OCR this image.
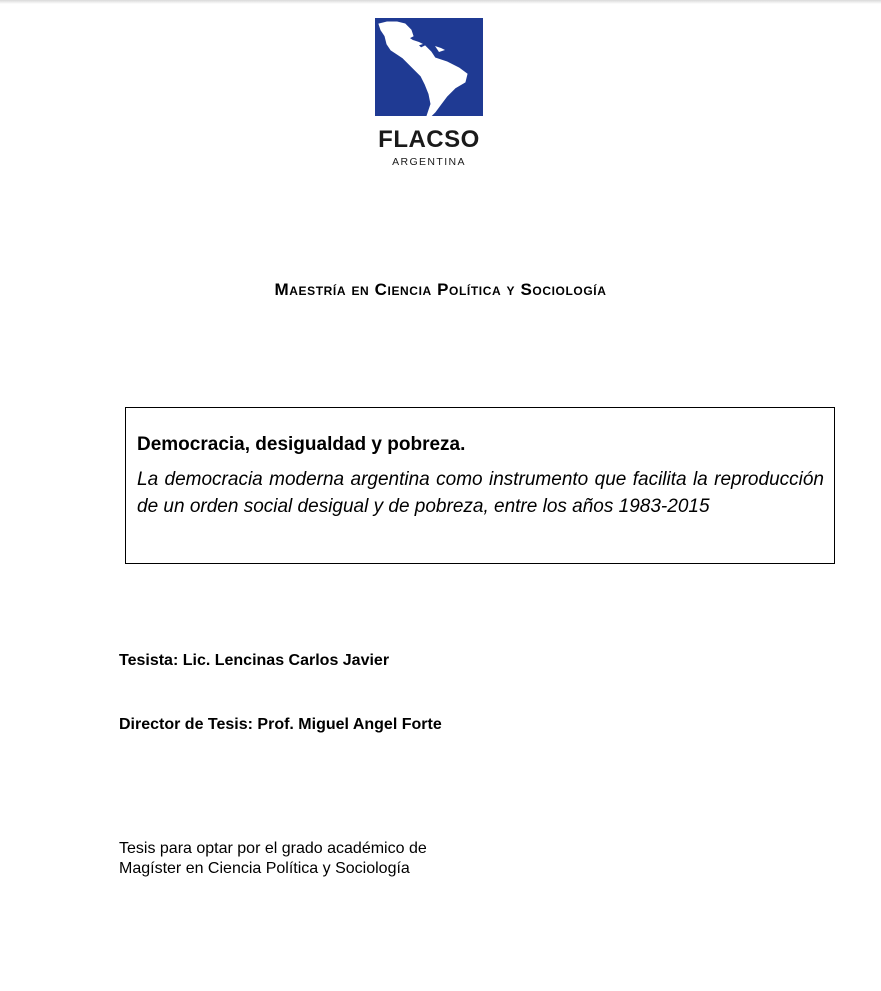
FLACSO
ARGENTINA
Maestría en Ciencia Política y Sociología

Democracia, desigualdad y pobreza.

La democracia moderna argentina como instrumento que facilita la reproducción de un orden social desigual y de pobreza, entre los años 1983-2015

Tesista: Lic. Lencinas Carlos Javier
Director de Tesis: Prof. Miguel Angel Forte
Tesis para optar por el grado académico de
Magíster en Ciencia Política y Sociología
